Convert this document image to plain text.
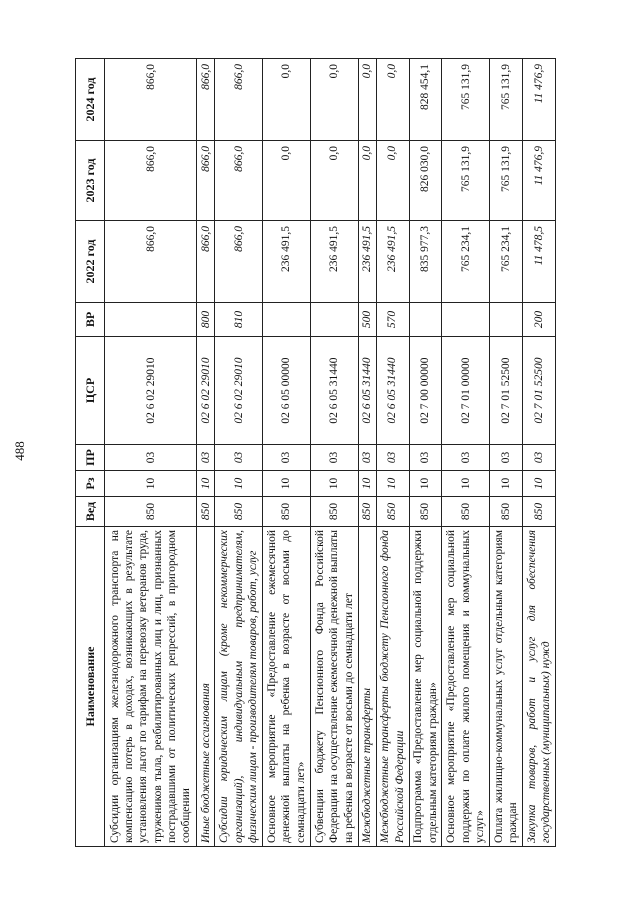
488
Наименование	Вед	Рз	ПР	ЦСР	ВР	2022 год	2023 год	2024 год
Субсидии организациям железнодорожного транспорта на компенсацию потерь в доходах, возникающих в результате установления льгот по тарифам на перевозку ветеранов труда, тружеников тыла, реабилитированных лиц и лиц, признанных пострадавшими от политических репрессий, в пригородном сообщении	850	10	03	02 6 02 29010		866,0	866,0	866,0
Иные бюджетные ассигнования	850	10	03	02 6 02 29010	800	866,0	866,0	866,0
Субсидии юридическим лицам (кроме некоммерческих организаций), индивидуальным предпринимателям, физическим лицам - производителям товаров, работ, услуг	850	10	03	02 6 02 29010	810	866,0	866,0	866,0
Основное мероприятие «Предоставление ежемесячной денежной выплаты на ребенка в возрасте от восьми до семнадцати лет»	850	10	03	02 6 05 00000		236 491,5	0,0	0,0
Субвенции бюджету Пенсионного Фонда Российской Федерации на осуществление ежемесячной денежной выплаты на ребенка в возрасте от восьми до семнадцати лет	850	10	03	02 6 05 31440		236 491,5	0,0	0,0
Межбюджетные трансферты	850	10	03	02 6 05 31440	500	236 491,5	0,0	0,0
Межбюджетные трансферты бюджету Пенсионного фонда Российской Федерации	850	10	03	02 6 05 31440	570	236 491,5	0,0	0,0
Подпрограмма «Предоставление мер социальной поддержки отдельным категориям граждан»	850	10	03	02 7 00 00000		835 977,3	826 030,0	828 454,1
Основное мероприятие «Предоставление мер социальной поддержки по оплате жилого помещения и коммунальных услуг»	850	10	03	02 7 01 00000		765 234,1	765 131,9	765 131,9
Оплата жилищно-коммунальных услуг отдельным категориям граждан	850	10	03	02 7 01 52500		765 234,1	765 131,9	765 131,9
Закупка товаров, работ и услуг для обеспечения государственных (муниципальных) нужд	850	10	03	02 7 01 52500	200	11 478,5	11 476,9	11 476,9
